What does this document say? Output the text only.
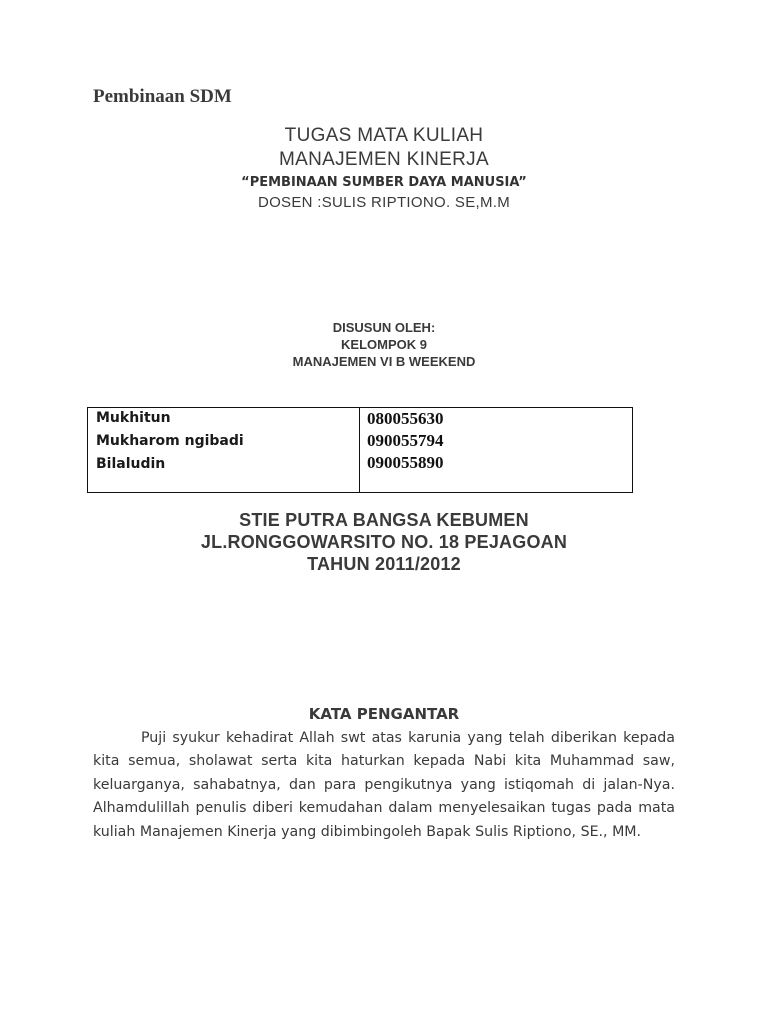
Pembinaan SDM
TUGAS MATA KULIAH
MANAJEMEN KINERJA
“PEMBINAAN SUMBER DAYA MANUSIA”
DOSEN :SULIS RIPTIONO. SE,M.M
DISUSUN OLEH:
KELOMPOK 9
MANAJEMEN VI B WEEKEND
Mukhitun
Mukharom ngibadi
Bilaludin
080055630
090055794
090055890
STIE PUTRA BANGSA KEBUMEN
JL.RONGGOWARSITO NO. 18 PEJAGOAN
TAHUN 2011/2012
KATA PENGANTAR

Puji syukur kehadirat Allah swt atas karunia yang telah diberikan kepada kita semua, sholawat serta kita haturkan kepada Nabi kita Muhammad saw, keluarganya, sahabatnya, dan para pengikutnya yang istiqomah di jalan-Nya. Alhamdulillah penulis diberi kemudahan dalam menyelesaikan tugas pada mata kuliah Manajemen Kinerja yang dibimbingoleh Bapak Sulis Riptiono, SE., MM.
